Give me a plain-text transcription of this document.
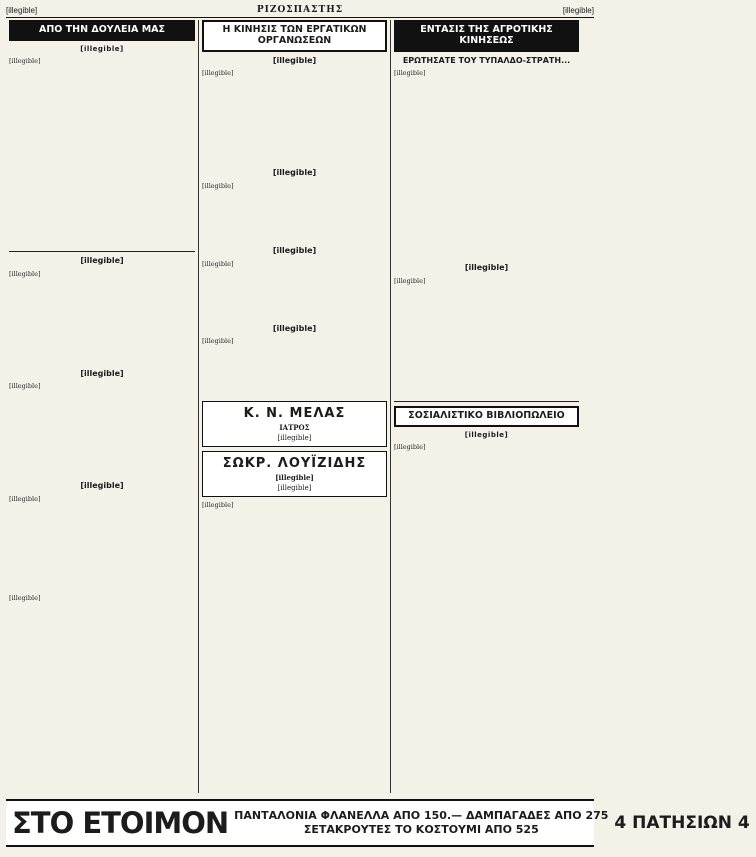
[illegible]	ΡΙΖΟΣΠΑΣΤΗΣ	[illegible]
ΑΠΟ ΤΗΝ ΔΟΥΛΕΙΑ ΜΑΣ
[illegible]
[illegible]
[illegible]
[illegible]
[illegible]
[illegible]
[illegible]
[illegible]
[illegible]
Η ΚΙΝΗΣΙΣ ΤΩΝ ΕΡΓΑΤΙΚΩΝ ΟΡΓΑΝΩΣΕΩΝ
[illegible]
[illegible]
[illegible]
[illegible]
[illegible]
[illegible]
[illegible]
[illegible]
Κ. Ν. ΜΕΛΑΣ
ΙΑΤΡΟΣ
[illegible]
ΣΩΚΡ. ΛΟΥΪΖΙΔΗΣ
[illegible]
[illegible]
[illegible]
ΕΝΤΑΣΙΣ ΤΗΣ ΑΓΡΟΤΙΚΗΣ ΚΙΝΗΣΕΩΣ
ΕΡΩΤΗΣΑΤΕ ΤΟΥ ΤΥΠΑΛΔΟ-ΣΤΡΑΤΗ...
[illegible]
[illegible]
[illegible]
ΣΟΣΙΑΛΙΣΤΙΚΟ ΒΙΒΛΙΟΠΩΛΕΙΟ
[illegible]
[illegible]
ΣΤΟ ΕΤΟΙΜΟΝ ΠΑΝΤΑΛΟΝΙΑ ΦΛΑΝΕΛΛΑ ΑΠΟ 150.— ΔΑΜΠΑΓΑΔΕΣ ΑΠΟ 275
ΣΕΤΑΚΡΟΥΤΕΣ ΤΟ ΚΟΣΤΟΥΜΙ ΑΠΟ 525	4 ΠΑΤΗΣΙΩΝ 4
